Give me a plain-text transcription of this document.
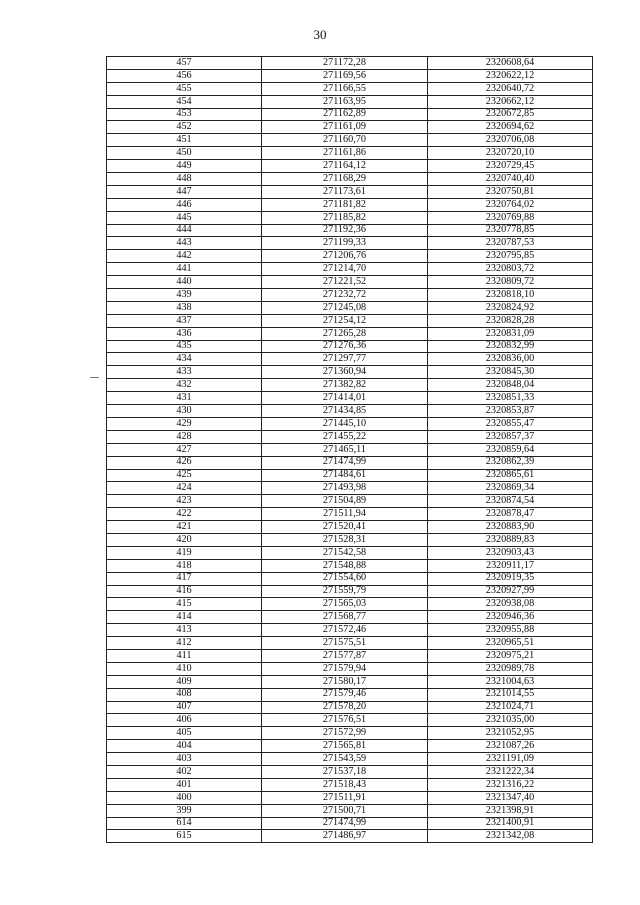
30
457	271172,28	2320608,64
456	271169,56	2320622,12
455	271166,55	2320640,72
454	271163,95	2320662,12
453	271162,89	2320672,85
452	271161,09	2320694,62
451	271160,70	2320706,08
450	271161,86	2320720,10
449	271164,12	2320729,45
448	271168,29	2320740,40
447	271173,61	2320750,81
446	271181,82	2320764,02
445	271185,82	2320769,88
444	271192,36	2320778,85
443	271199,33	2320787,53
442	271206,76	2320795,85
441	271214,70	2320803,72
440	271221,52	2320809,72
439	271232,72	2320818,10
438	271245,08	2320824,92
437	271254,12	2320828,28
436	271265,28	2320831,09
435	271276,36	2320832,99
434	271297,77	2320836,00
433	271360,94	2320845,30
432	271382,82	2320848,04
431	271414,01	2320851,33
430	271434,85	2320853,87
429	271445,10	2320855,47
428	271455,22	2320857,37
427	271465,11	2320859,64
426	271474,99	2320862,39
425	271484,61	2320865,61
424	271493,98	2320869,34
423	271504,89	2320874,54
422	271511,94	2320878,47
421	271520,41	2320883,90
420	271528,31	2320889,83
419	271542,58	2320903,43
418	271548,88	2320911,17
417	271554,60	2320919,35
416	271559,79	2320927,99
415	271565,03	2320938,08
414	271568,77	2320946,36
413	271572,46	2320955,88
412	271575,51	2320965,51
411	271577,87	2320975,21
410	271579,94	2320989,78
409	271580,17	2321004,63
408	271579,46	2321014,55
407	271578,20	2321024,71
406	271576,51	2321035,00
405	271572,99	2321052,95
404	271565,81	2321087,26
403	271543,59	2321191,09
402	271537,18	2321222,34
401	271518,43	2321316,22
400	271511,91	2321347,40
399	271500,71	2321398,91
614	271474,99	2321400,91
615	271486,97	2321342,08
